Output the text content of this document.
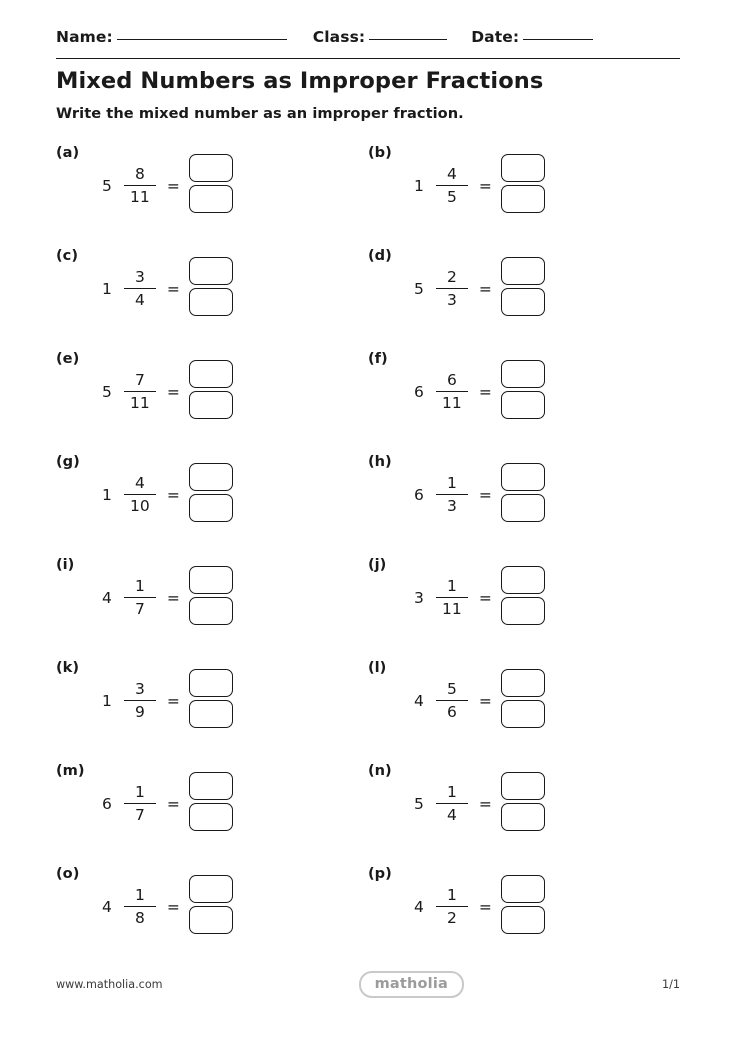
Name:	Class:	Date:
Mixed Numbers as Improper Fractions
Write the mixed number as an improper fraction.
(a)
$5 \frac{8}{11}$ =
(b)
$1 \frac{4}{5}$ =
(c)
$1 \frac{3}{4}$ =
(d)
$5 \frac{2}{3}$ =
(e)
$5 \frac{7}{11}$ =
(f)
$6 \frac{6}{11}$ =
(g)
$1 \frac{4}{10}$ =
(h)
$6 \frac{1}{3}$ =
(i)
$4 \frac{1}{7}$ =
(j)
$3 \frac{1}{11}$ =
(k)
$1 \frac{3}{9}$ =
(l)
$4 \frac{5}{6}$ =
(m)
$6 \frac{1}{7}$ =
(n)
$5 \frac{1}{4}$ =
(o)
$4 \frac{1}{8}$ =
(p)
$4 \frac{1}{2}$ =
www.matholia.com	matholia	1/1
